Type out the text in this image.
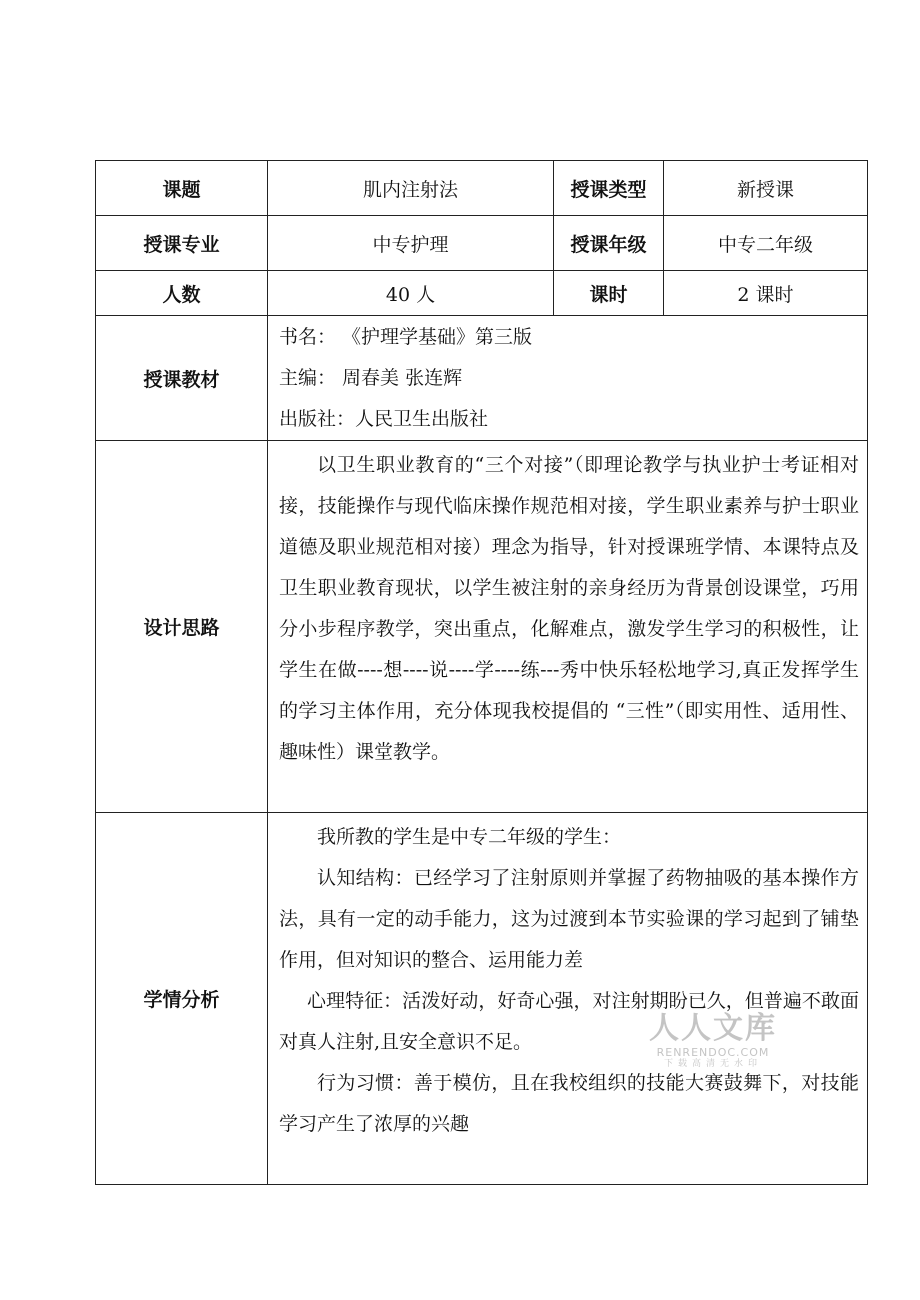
课题	肌内注射法	授课类型	新授课
授课专业	中专护理	授课年级	中专二年级
人数	40 人	课时	2 课时
授课教材	书名： 《护理学基础》第三版
主编： 周春美 张连辉
出版社：人民卫生出版社		

设计思路	以卫生职业教育的“三个对接”（即理论教学与执业护士考证相对接，技能操作与现代临床操作规范相对接，学生职业素养与护士职业道德及职业规范相对接）理念为指导，针对授课班学情、本课特点及卫生职业教育现状，以学生被注射的亲身经历为背景创设课堂，巧用分小步程序教学，突出重点，化解难点，激发学生学习的积极性，让学生在做----想----说----学----练---秀中快乐轻松地学习,真正发挥学生的学习主体作用，充分体现我校提倡的 “三性”（即实用性、适用性、趣味性）课堂教学。		

学情分析	我所教的学生是中专二年级的学生：

认知结构：已经学习了注射原则并掌握了药物抽吸的基本操作方法，具有一定的动手能力，这为过渡到本节实验课的学习起到了铺垫作用，但对知识的整合、运用能力差

心理特征：活泼好动，好奇心强，对注射期盼已久，但普遍不敢面对真人注射,且安全意识不足。

行为习惯：善于模仿，且在我校组织的技能大赛鼓舞下，对技能学习产生了浓厚的兴趣		

人人文库
RENRENDOC.COM
下载高清无水印
